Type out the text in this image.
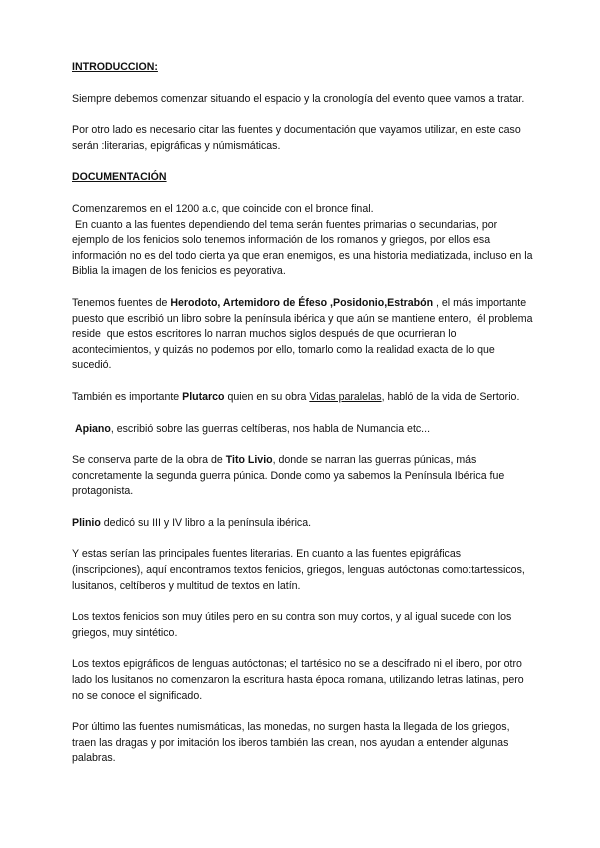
INTRODUCCION:

Siempre debemos comenzar situando el espacio y la cronología del evento quee vamos a tratar.

Por otro lado es necesario citar las fuentes y documentación que vayamos utilizar, en este caso serán :literarias, epigráficas y númismáticas.

DOCUMENTACIÓN

Comenzaremos en el 1200 a.c, que coincide con el bronce final.
En cuanto a las fuentes dependiendo del tema serán fuentes primarias o secundarias, por ejemplo de los fenicios solo tenemos información de los romanos y griegos, por ellos esa información no es del todo cierta ya que eran enemigos, es una historia mediatizada, incluso en la Biblia la imagen de los fenicios es peyorativa.

Tenemos fuentes de Herodoto, Artemidoro de Éfeso ,Posidonio,Estrabón , el más importante puesto que escribió un libro sobre la península ibérica y que aún se mantiene entero,  él problema reside  que estos escritores lo narran muchos siglos después de que ocurrieran lo acontecimientos, y quizás no podemos por ello, tomarlo como la realidad exacta de lo que sucedió.

También es importante Plutarco quien en su obra Vidas paralelas, habló de la vida de Sertorio.

Apiano, escribió sobre las guerras celtíberas, nos habla de Numancia etc...

Se conserva parte de la obra de Tito Livio, donde se narran las guerras púnicas, más concretamente la segunda guerra púnica. Donde como ya sabemos la Península Ibérica fue protagonista.

Plinio dedicó su III y IV libro a la península ibérica.

Y estas serían las principales fuentes literarias. En cuanto a las fuentes epigráficas (inscripciones), aquí encontramos textos fenicios, griegos, lenguas autóctonas como:tartessicos, lusitanos, celtíberos y multitud de textos en latín.

Los textos fenicios son muy útiles pero en su contra son muy cortos, y al igual sucede con los griegos, muy sintético.

Los textos epigráficos de lenguas autóctonas; el tartésico no se a descifrado ni el ibero, por otro lado los lusitanos no comenzaron la escritura hasta época romana, utilizando letras latinas, pero no se conoce el significado.

Por último las fuentes numismáticas, las monedas, no surgen hasta la llegada de los griegos, traen las dragas y por imitación los iberos también las crean, nos ayudan a entender algunas palabras.
